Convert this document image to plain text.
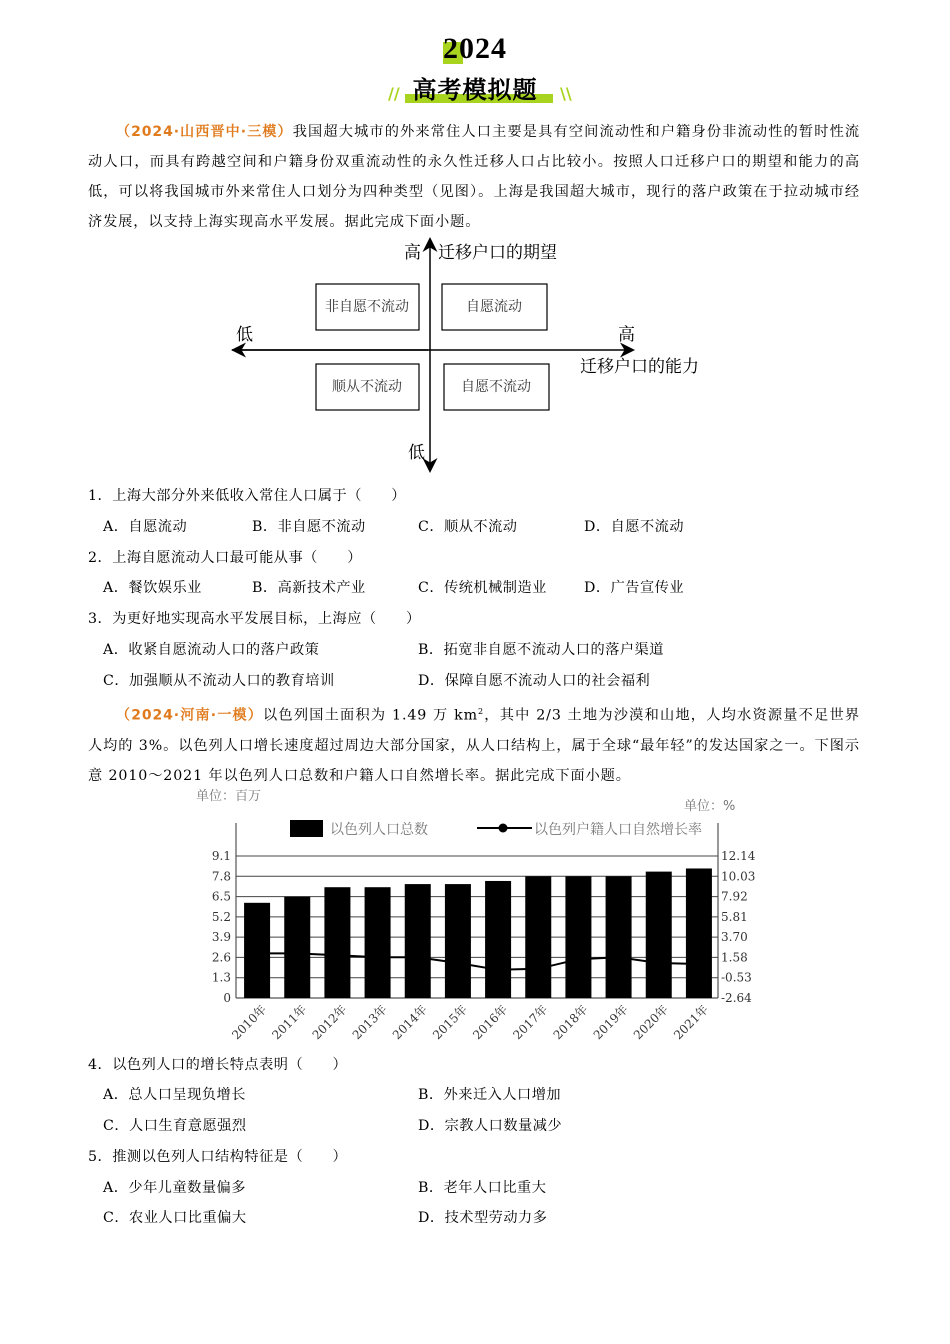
2024
//	\\
高考模拟题
（2024·山西晋中·三模）我国超大城市的外来常住人口主要是具有空间流动性和户籍身份非流动性的暂时性流动人口，而具有跨越空间和户籍身份双重流动性的永久性迁移人口占比较小。按照人口迁移户口的期望和能力的高低，可以将我国城市外来常住人口划分为四种类型（见图）。上海是我国超大城市，现行的落户政策在于拉动城市经济发展，以支持上海实现高水平发展。据此完成下面小题。
非自愿不流动	自愿流动
顺从不流动	自愿不流动
高 迁移户口的期望
低	高
迁移户口的能力
低
1．上海大部分外来低收入常住人口属于（　　）
A．自愿流动	B．非自愿不流动	C．顺从不流动	D．自愿不流动
2．上海自愿流动人口最可能从事（　　）
A．餐饮娱乐业	B．高新技术产业	C．传统机械制造业	D．广告宣传业
3．为更好地实现高水平发展目标，上海应（　　）
A．收紧自愿流动人口的落户政策	B．拓宽非自愿不流动人口的落户渠道
C．加强顺从不流动人口的教育培训	D．保障自愿不流动人口的社会福利
（2024·河南·一模）以色列国土面积为 1.49 万 $km^2$，其中 2/3 土地为沙漠和山地，人均水资源量不足世界人均的 3%。以色列人口增长速度超过周边大部分国家，从人口结构上，属于全球“最年轻”的发达国家之一。下图示意 2010～2021 年以色列人口总数和户籍人口自然增长率。据此完成下面小题。
0
1.3
2.6
3.9
5.2
6.5
7.8
9.1
-2.64
-0.53
1.58
3.70
5.81
7.92
10.03
12.14
单位：百万
单位：%
以色列人口总数	以色列户籍人口自然增长率
2010年 2011年 2012年 2013年 2014年 2015年 2016年 2017年 2018年 2019年 2020年 2021年
4．以色列人口的增长特点表明（　　）
A．总人口呈现负增长	B．外来迁入人口增加
C．人口生育意愿强烈	D．宗教人口数量减少
5．推测以色列人口结构特征是（　　）
A．少年儿童数量偏多	B．老年人口比重大
C．农业人口比重偏大	D．技术型劳动力多
